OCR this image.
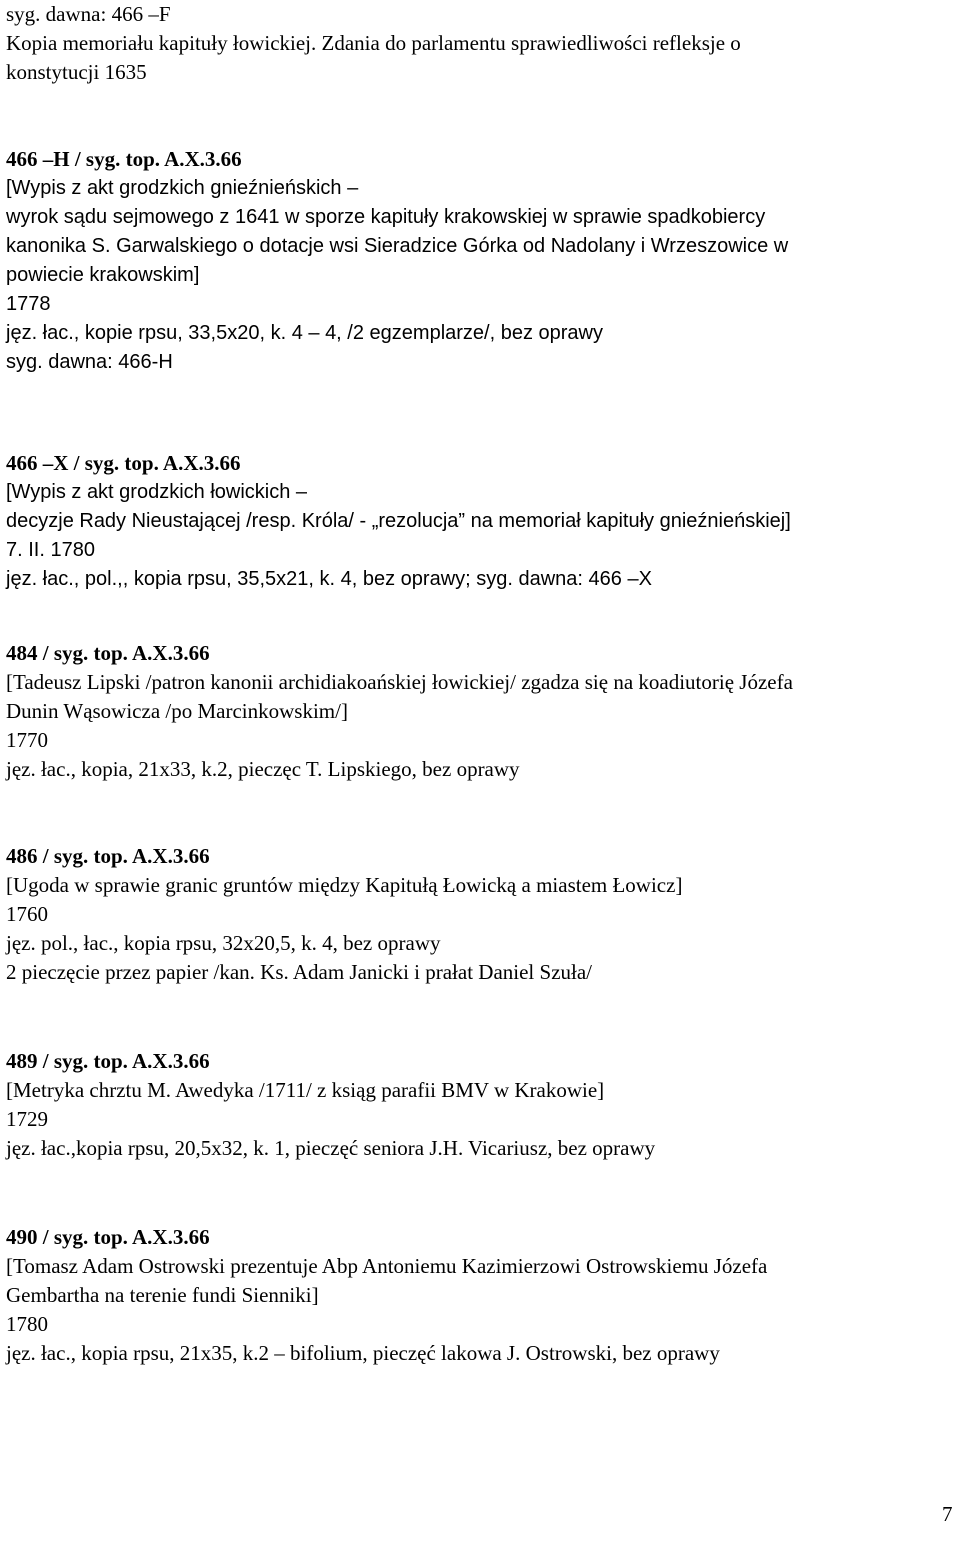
syg. dawna: 466 –F
Kopia memoriału kapituły łowickiej. Zdania do parlamentu sprawiedliwości refleksje o
konstytucji 1635
466 –H / syg. top. A.X.3.66
[Wypis z akt grodzkich gnieźnieńskich –
wyrok sądu sejmowego z 1641 w sporze kapituły krakowskiej w sprawie spadkobiercy
kanonika S. Garwalskiego o dotacje wsi Sieradzice Górka od Nadolany i Wrzeszowice w
powiecie krakowskim]
1778
jęz. łac., kopie rpsu, 33,5x20, k. 4 – 4, /2 egzemplarze/, bez oprawy
syg. dawna: 466-H
466 –X / syg. top. A.X.3.66
[Wypis z akt grodzkich łowickich –
decyzje Rady Nieustającej /resp. Króla/ - „rezolucja” na memoriał kapituły gnieźnieńskiej]
7. II. 1780
jęz. łac., pol.,, kopia rpsu, 35,5x21, k. 4, bez oprawy; syg. dawna: 466 –X
484 / syg. top. A.X.3.66
[Tadeusz Lipski /patron kanonii archidiakoańskiej łowickiej/ zgadza się na koadiutorię Józefa
Dunin Wąsowicza /po Marcinkowskim/]
1770
jęz. łac., kopia, 21x33, k.2, pieczęc T. Lipskiego, bez oprawy
486 / syg. top. A.X.3.66
[Ugoda w sprawie granic gruntów między Kapitułą Łowicką a miastem Łowicz]
1760
jęz. pol., łac., kopia rpsu, 32x20,5, k. 4, bez oprawy
2 pieczęcie przez papier /kan. Ks. Adam Janicki i prałat Daniel Szuła/
489 / syg. top. A.X.3.66
[Metryka chrztu M. Awedyka /1711/ z ksiąg parafii BMV w Krakowie]
1729
jęz. łac.,kopia rpsu, 20,5x32, k. 1, pieczęć seniora J.H. Vicariusz, bez oprawy
490 / syg. top. A.X.3.66
[Tomasz Adam Ostrowski prezentuje Abp Antoniemu Kazimierzowi Ostrowskiemu Józefa
Gembartha na terenie fundi Sienniki]
1780
jęz. łac., kopia rpsu, 21x35, k.2 – bifolium, pieczęć lakowa J. Ostrowski, bez oprawy
7
